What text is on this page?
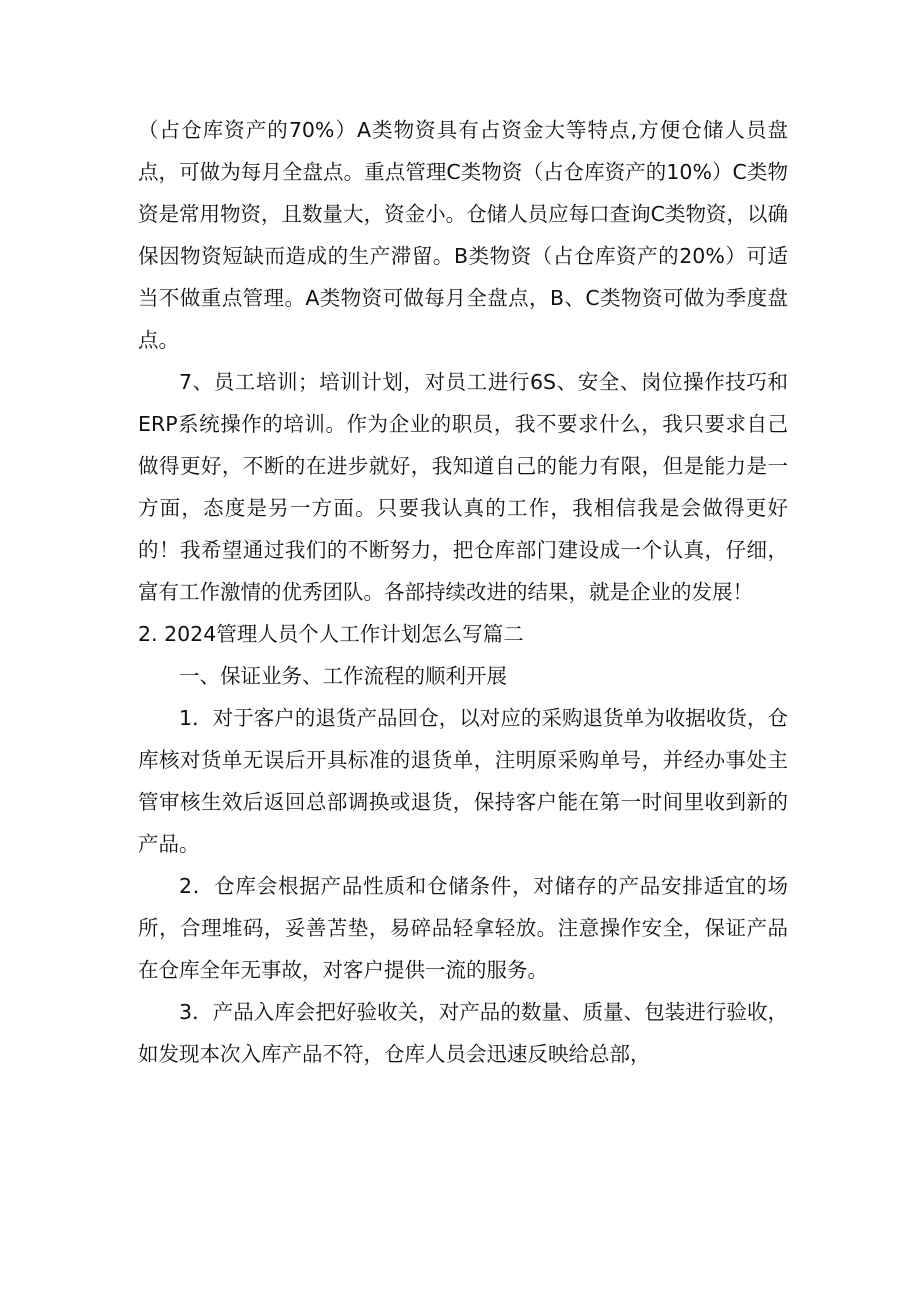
（占仓库资产的70%）A类物资具有占资金大等特点,方便仓储人员盘点，可做为每月全盘点。重点管理C类物资（占仓库资产的10%）C类物资是常用物资，且数量大，资金小。仓储人员应每口查询C类物资，以确保因物资短缺而造成的生产滞留。B类物资（占仓库资产的20%）可适当不做重点管理。A类物资可做每月全盘点，B、C类物资可做为季度盘点。

7、员工培训；培训计划，对员工进行6S、安全、岗位操作技巧和ERP系统操作的培训。作为企业的职员，我不要求什么，我只要求自己做得更好，不断的在进步就好，我知道自己的能力有限，但是能力是一方面，态度是另一方面。只要我认真的工作，我相信我是会做得更好的！我希望通过我们的不断努力，把仓库部门建设成一个认真，仔细，富有工作激情的优秀团队。各部持续改进的结果，就是企业的发展！

2. 2024管理人员个人工作计划怎么写篇二

一、保证业务、工作流程的顺利开展

1．对于客户的退货产品回仓，以对应的采购退货单为收据收货，仓库核对货单无误后开具标准的退货单，注明原采购单号，并经办事处主管审核生效后返回总部调换或退货，保持客户能在第一时间里收到新的产品。

2．仓库会根据产品性质和仓储条件，对储存的产品安排适宜的场所，合理堆码，妥善苫垫，易碎品轻拿轻放。注意操作安全，保证产品在仓库全年无事故，对客户提供一流的服务。

3．产品入库会把好验收关，对产品的数量、质量、包装进行验收，如发现本次入库产品不符，仓库人员会迅速反映给总部，
